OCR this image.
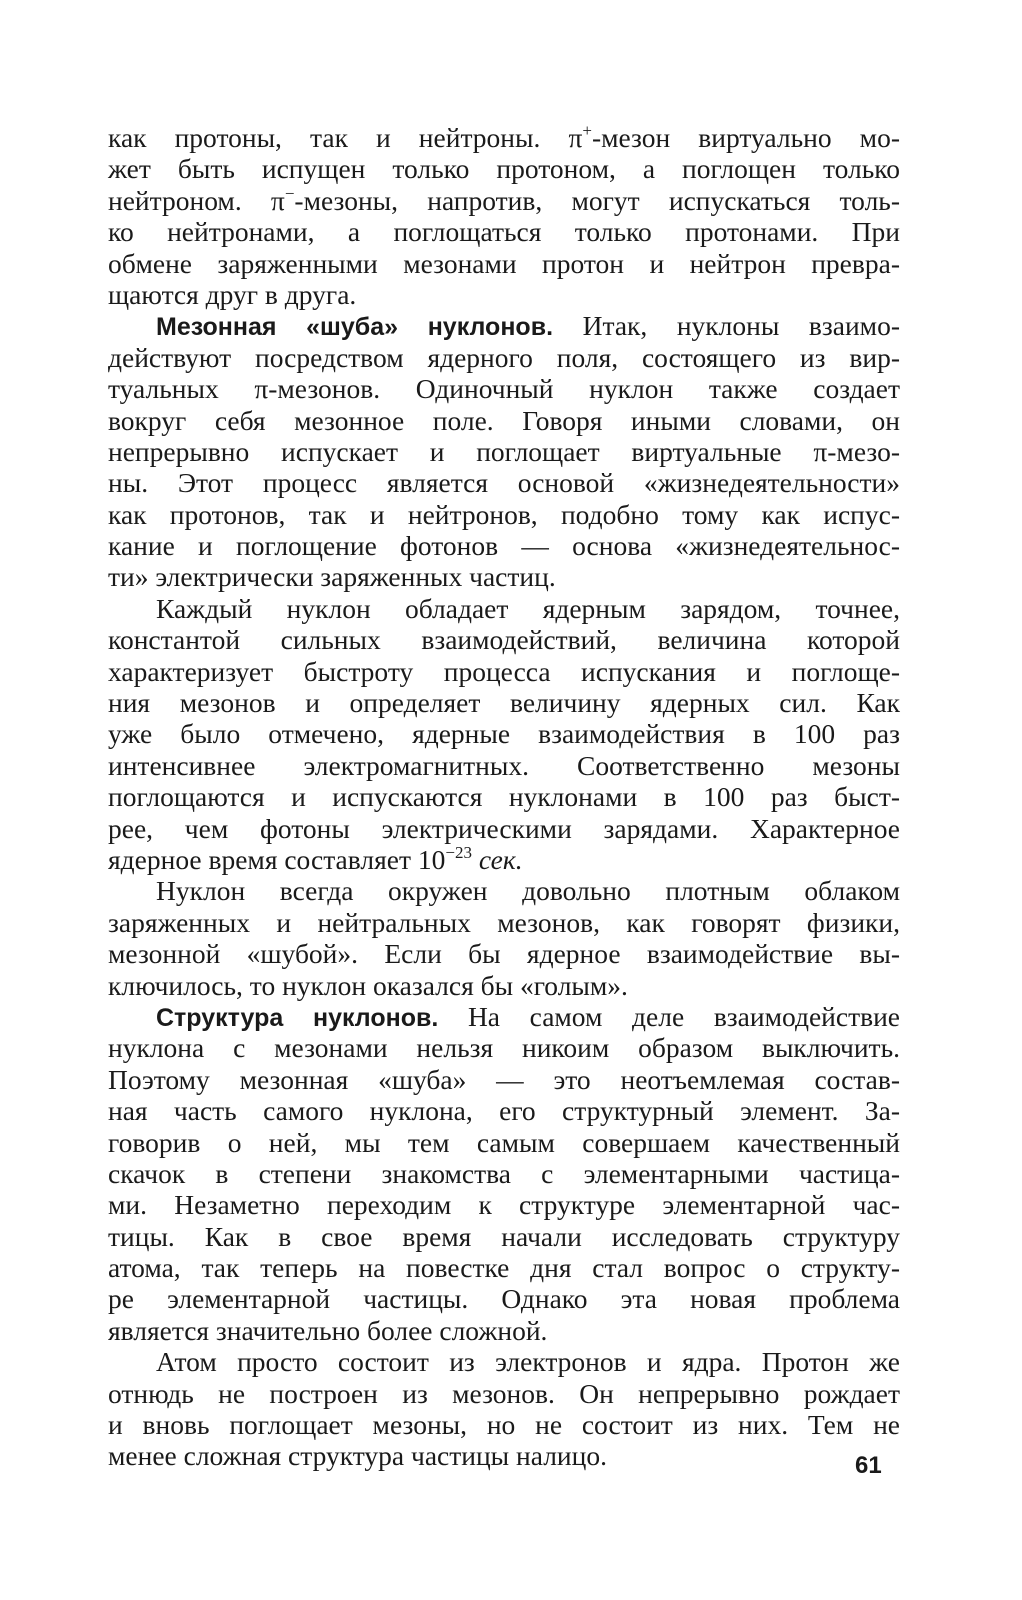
как протоны, так и нейтроны. π+-мезон виртуально мо-
жет быть испущен только протоном, а поглощен только
нейтроном. π−-мезоны, напротив, могут испускаться толь-
ко нейтронами, а поглощаться только протонами. При
обмене заряженными мезонами протон и нейтрон превра-
щаются друг в друга.
Мезонная «шуба» нуклонов. Итак, нуклоны взаимо-
действуют посредством ядерного поля, состоящего из вир-
туальных π-мезонов. Одиночный нуклон также создает
вокруг себя мезонное поле. Говоря иными словами, он
непрерывно испускает и поглощает виртуальные π-мезо-
ны. Этот процесс является основой «жизнедеятельности»
как протонов, так и нейтронов, подобно тому как испус-
кание и поглощение фотонов — основа «жизнедеятельнос-
ти» электрически заряженных частиц.
Каждый нуклон обладает ядерным зарядом, точнее,
константой сильных взаимодействий, величина которой
характеризует быстроту процесса испускания и поглоще-
ния мезонов и определяет величину ядерных сил. Как
уже было отмечено, ядерные взаимодействия в 100 раз
интенсивнее электромагнитных. Соответственно мезоны
поглощаются и испускаются нуклонами в 100 раз быст-
рее, чем фотоны электрическими зарядами. Характерное
ядерное время составляет $10^{-23}$ сек.
Нуклон всегда окружен довольно плотным облаком
заряженных и нейтральных мезонов, как говорят физики,
мезонной «шубой». Если бы ядерное взаимодействие вы-
ключилось, то нуклон оказался бы «голым».
Структура нуклонов. На самом деле взаимодействие
нуклона с мезонами нельзя никоим образом выключить.
Поэтому мезонная «шуба» — это неотъемлемая состав-
ная часть самого нуклона, его структурный элемент. За-
говорив о ней, мы тем самым совершаем качественный
скачок в степени знакомства с элементарными частица-
ми. Незаметно переходим к структуре элементарной час-
тицы. Как в свое время начали исследовать структуру
атома, так теперь на повестке дня стал вопрос о структу-
ре элементарной частицы. Однако эта новая проблема
является значительно более сложной.
Атом просто состоит из электронов и ядра. Протон же
отнюдь не построен из мезонов. Он непрерывно рождает
и вновь поглощает мезоны, но не состоит из них. Тем не
менее сложная структура частицы налицо.	61
